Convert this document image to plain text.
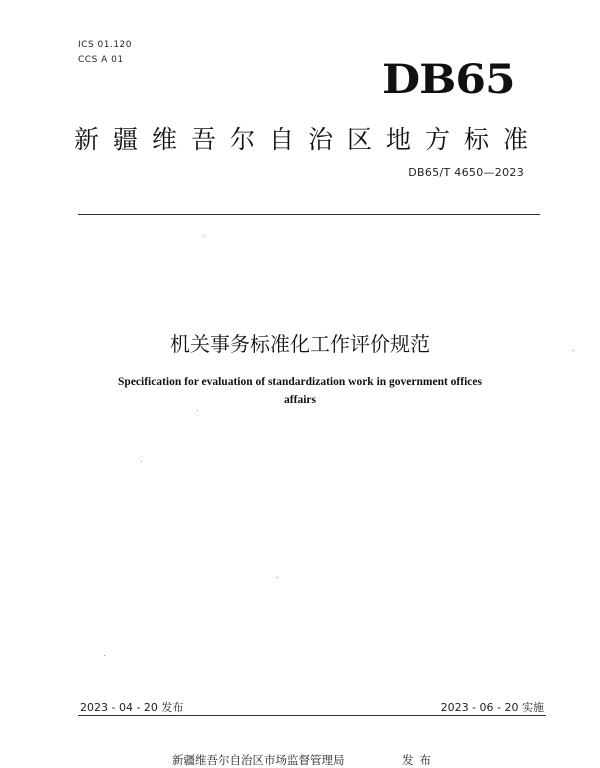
ICS 01.120
CCS A 01	DB65
新疆维吾尔自治区地方标准
DB65/T 4650—2023
机关事务标准化工作评价规范
Specification for evaluation of standardization work in government offices
affairs
2023 - 04 - 20 发布	2023 - 06 - 20 实施
新疆维吾尔自治区市场监督管理局	发布
